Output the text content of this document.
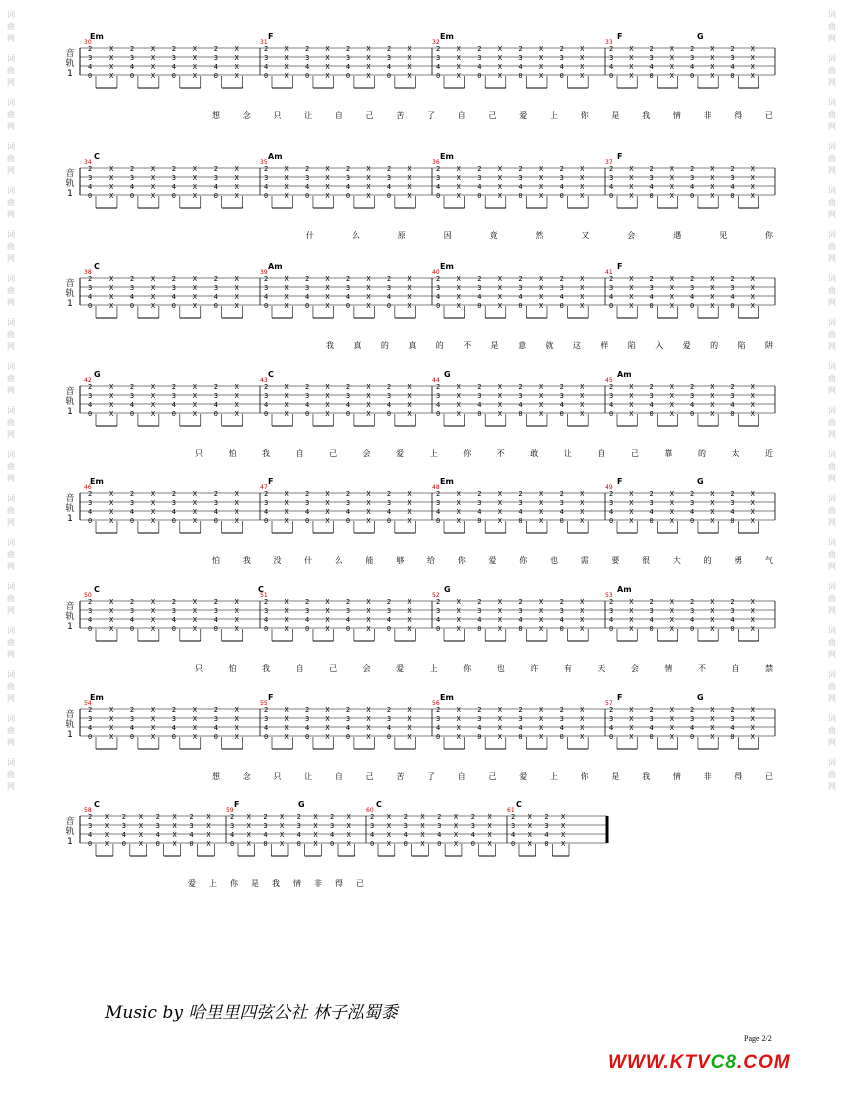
词
曲
网
词
曲
网
词
曲
网
词
曲
网
词
曲
网
词
曲
网
词
曲
网
词
曲
网
词
曲
网
词
曲
网
词
曲
网
词
曲
网
词
曲
网
词
曲
网
词
曲
网
词
曲
网
词
曲
网
词
曲
网
词
曲
网
词
曲
网
词
曲
网
词
曲
网
词
曲
网
词
曲
网
词
曲
网
词
曲
网
词
曲
网
词
曲
网
词
曲
网
词
曲
网
词
曲
网
词
曲
网
词
曲
网
词
曲
网
词
曲
网
词
曲
网
音
轨
1
30
2
3
4
0
X
X
X
X
2
3
4
0
X
X
X
X
2
3
4
0
X
X
X
X
2
3
4
0
X
X
X
X
31
2
3
4
0
X
X
X
X
2
3
4
0
X
X
X
X
2
3
4
0
X
X
X
X
2
3
4
0
X
X
X
X
32
2
3
4
0
X
X
X
X
2
3
4
0
X
X
X
X
2
3
4
0
X
X
X
X
2
3
4
0
X
X
X
X
33
2
3
4
0
X
X
X
X
2
3
4
0
X
X
X
X
2
3
4
0
X
X
X
X
2
3
4
0
X
X
X
X
Em	F	Em	F	G
想	念	只	让	自	己	苦	了	自	己	爱	上	你	是	我	情	非	得	已
音
轨
1
34
2
3
4
0
X
X
X
X
2
3
4
0
X
X
X
X
2
3
4
0
X
X
X
X
2
3
4
0
X
X
X
X
35
2
3
4
0
X
X
X
X
2
3
4
0
X
X
X
X
2
3
4
0
X
X
X
X
2
3
4
0
X
X
X
X
36
2
3
4
0
X
X
X
X
2
3
4
0
X
X
X
X
2
3
4
0
X
X
X
X
2
3
4
0
X
X
X
X
37
2
3
4
0
X
X
X
X
2
3
4
0
X
X
X
X
2
3
4
0
X
X
X
X
2
3
4
0
X
X
X
X
C	Am	Em	F
什	么	原	因	竟	然	又	会	遇	见	你
音
轨
1
38
2
3
4
0
X
X
X
X
2
3
4
0
X
X
X
X
2
3
4
0
X
X
X
X
2
3
4
0
X
X
X
X
39
2
3
4
0
X
X
X
X
2
3
4
0
X
X
X
X
2
3
4
0
X
X
X
X
2
3
4
0
X
X
X
X
40
2
3
4
0
X
X
X
X
2
3
4
0
X
X
X
X
2
3
4
0
X
X
X
X
2
3
4
0
X
X
X
X
41
2
3
4
0
X
X
X
X
2
3
4
0
X
X
X
X
2
3
4
0
X
X
X
X
2
3
4
0
X
X
X
X
C	Am	Em	F
我 真 的 真 的 不 是 意 就 这 样 陷 入 爱 的 陷 阱
音
轨
1
42
2
3
4
0
X
X
X
X
2
3
4
0
X
X
X
X
2
3
4
0
X
X
X
X
2
3
4
0
X
X
X
X
43
2
3
4
0
X
X
X
X
2
3
4
0
X
X
X
X
2
3
4
0
X
X
X
X
2
3
4
0
X
X
X
X
44
2
3
4
0
X
X
X
X
2
3
4
0
X
X
X
X
2
3
4
0
X
X
X
X
2
3
4
0
X
X
X
X
45
2
3
4
0
X
X
X
X
2
3
4
0
X
X
X
X
2
3
4
0
X
X
X
X
2
3
4
0
X
X
X
X
G	C	G	Am
只	怕	我	自	己	会	爱	上	你	不	敢	让	自	己	靠	的	太	近
音
轨
1
46
2
3
4
0
X
X
X
X
2
3
4
0
X
X
X
X
2
3
4
0
X
X
X
X
2
3
4
0
X
X
X
X
47
2
3
4
0
X
X
X
X
2
3
4
0
X
X
X
X
2
3
4
0
X
X
X
X
2
3
4
0
X
X
X
X
48
2
3
4
0
X
X
X
X
2
3
4
0
X
X
X
X
2
3
4
0
X
X
X
X
2
3
4
0
X
X
X
X
49
2
3
4
0
X
X
X
X
2
3
4
0
X
X
X
X
2
3
4
0
X
X
X
X
2
3
4
0
X
X
X
X
Em	F	Em	F	G
怕	我	没	什	么	能	够	给	你	爱	你	也	需	要	很	大	的	勇	气
音
轨
1
50
2
3
4
0
X
X
X
X
2
3
4
0
X
X
X
X
2
3
4
0
X
X
X
X
2
3
4
0
X
X
X
X
51
2
3
4
0
X
X
X
X
2
3
4
0
X
X
X
X
2
3
4
0
X
X
X
X
2
3
4
0
X
X
X
X
52
2
3
4
0
X
X
X
X
2
3
4
0
X
X
X
X
2
3
4
0
X
X
X
X
2
3
4
0
X
X
X
X
53
2
3
4
0
X
X
X
X
2
3
4
0
X
X
X
X
2
3
4
0
X
X
X
X
2
3
4
0
X
X
X
X
C	C	G	Am
只	怕	我	自	己	会	爱	上	你	也	许	有	天	会	情	不	自	禁
音
轨
1
54
2
3
4
0
X
X
X
X
2
3
4
0
X
X
X
X
2
3
4
0
X
X
X
X
2
3
4
0
X
X
X
X
55
2
3
4
0
X
X
X
X
2
3
4
0
X
X
X
X
2
3
4
0
X
X
X
X
2
3
4
0
X
X
X
X
56
2
3
4
0
X
X
X
X
2
3
4
0
X
X
X
X
2
3
4
0
X
X
X
X
2
3
4
0
X
X
X
X
57
2
3
4
0
X
X
X
X
2
3
4
0
X
X
X
X
2
3
4
0
X
X
X
X
2
3
4
0
X
X
X
X
Em	F	Em	F	G
想	念	只	让	自	己	苦	了	自	己	爱	上	你	是	我	情	非	得	已
音
轨
1
58
2
3
4
0
X
X
X
X
2
3
4
0
X
X
X
X
2
3
4
0
X
X
X
X
2
3
4
0
X
X
X
X
59
2
3
4
0
X
X
X
X
2
3
4
0
X
X
X
X
2
3
4
0
X
X
X
X
2
3
4
0
X
X
X
X
60
2
3
4
0
X
X
X
X
2
3
4
0
X
X
X
X
2
3
4
0
X
X
X
X
2
3
4
0
X
X
X
X
61
2
3
4
0
X
X
X
X
2
3
4
0
X
X
X
X
C	F	G	C	C
爱 上 你 是 我 情 非 得 已
Music by 哈里里四弦公社 林子泓蜀黍
Page 2/2
WWW.KTVC8.COM
